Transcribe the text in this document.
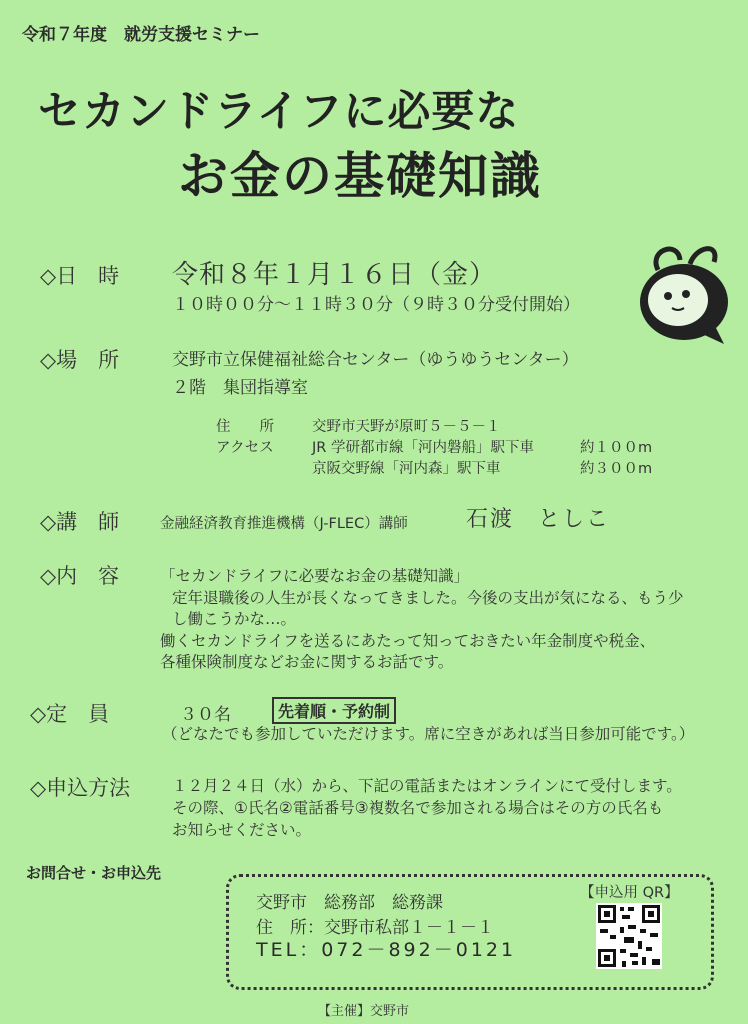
令和７年度　就労支援セミナー
セカンドライフに必要な
お金の基礎知識
◇日　時 令和８年１月１６日（金）
１０時００分～１１時３０分（９時３０分受付開始）
◇場　所	交野市立保健福祉総合センター（ゆうゆうセンター）
２階　集団指導室
住　　所	交野市天野が原町５－５－１
アクセス	JR 学研都市線「河内磐船」駅下車	約１００m
京阪交野線「河内森」駅下車	約３００m
◇講　師	金融経済教育推進機構（J-FLEC）講師	石渡　としこ
◇内　容	「セカンドライフに必要なお金の基礎知識」
定年退職後の人生が長くなってきました。今後の支出が気になる、もう少
し働こうかな…。
働くセカンドライフを送るにあたって知っておきたい年金制度や税金、
各種保険制度などお金に関するお話です。
◇定　員	３０名	先着順・予約制
（どなたでも参加していただけます。席に空きがあれば当日参加可能です。）
◇申込方法	１２月２４日（水）から、下記の電話またはオンラインにて受付します。
その際、①氏名②電話番号③複数名で参加される場合はその方の氏名も
お知らせください。
お問合せ・お申込先
交野市　総務部　総務課
住　所：交野市私部１－１－１
TEL：072－892－0121
【申込用 QR】
【主催】交野市
